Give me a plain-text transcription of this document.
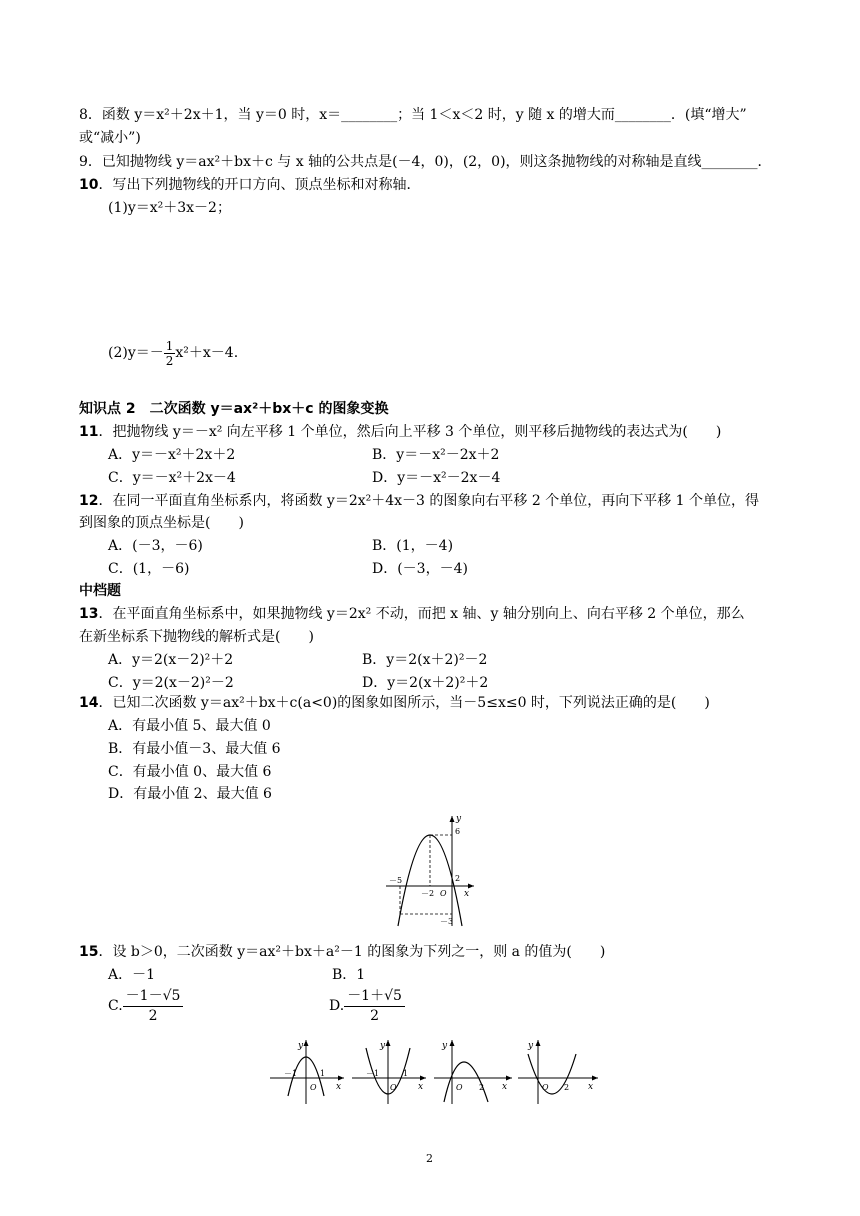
8．函数 y＝x²＋2x＋1，当 y＝0 时，x＝________；当 1＜x＜2 时，y 随 x 的增大而________．(填“增大”
或“减小”)
9．已知抛物线 y＝ax²＋bx＋c 与 x 轴的公共点是(－4，0)，(2，0)，则这条抛物线的对称轴是直线________．
10．写出下列抛物线的开口方向、顶点坐标和对称轴．
(1)y＝x²＋3x－2；
$(2)y=- \frac{1}{2} x^2+x-4$.
知识点 2　二次函数 y＝ax²＋bx＋c 的图象变换
11．把抛物线 y＝－x² 向左平移 1 个单位，然后向上平移 3 个单位，则平移后抛物线的表达式为(　　)
A．y＝－x²＋2x＋2	B．y＝－x²－2x＋2
C．y＝－x²＋2x－4	D．y＝－x²－2x－4
12．在同一平面直角坐标系内，将函数 y＝2x²＋4x－3 的图象向右平移 2 个单位，再向下平移 1 个单位，得
到图象的顶点坐标是(　　)
A．(－3，－6)	B．(1，－4)
C．(1，－6)	D．(－3，－4)
中档题
13．在平面直角坐标系中，如果抛物线 y＝2x² 不动，而把 x 轴、y 轴分别向上、向右平移 2 个单位，那么
在新坐标系下抛物线的解析式是(　　)
A．y＝2(x－2)²＋2	B．y＝2(x＋2)²－2
C．y＝2(x－2)²－2	D．y＝2(x＋2)²＋2
14．已知二次函数 y＝ax²＋bx＋c(a<0)的图象如图所示，当－5≤x≤0 时，下列说法正确的是(　　)
A．有最小值 5、最大值 0
B．有最小值－3、最大值 6
C．有最小值 0、最大值 6
D．有最小值 2、最大值 6
y
6
2
x
－5
－2 O
－3
15．设 b＞0，二次函数 y＝ax²＋bx＋a²－1 的图象为下列之一，则 a 的值为(　　)
A．－1	B．1
C. $\frac{-1-√5}{2}$	D. $\frac{-1+√5}{2}$
y
－1
O
1
x
y
－1
O
1
x
y
O 2 x
y
O 2 x
2
